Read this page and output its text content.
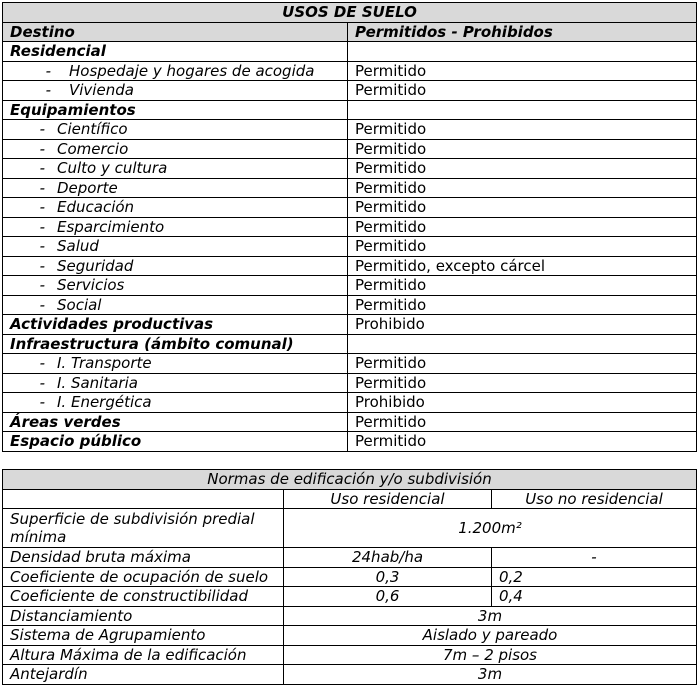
USOS DE SUELO	
Destino	Permitidos - Prohibidos
Residencial	
- Hospedaje y hogares de acogida	Permitido
- Vivienda	Permitido
Equipamientos	
- Científico	Permitido
- Comercio	Permitido
- Culto y cultura	Permitido
- Deporte	Permitido
- Educación	Permitido
- Esparcimiento	Permitido
- Salud	Permitido
- Seguridad	Permitido, excepto cárcel
- Servicios	Permitido
- Social	Permitido
Actividades productivas	Prohibido
Infraestructura (ámbito comunal)	
- I. Transporte	Permitido
- I. Sanitaria	Permitido
- I. Energética	Prohibido
Áreas verdes	Permitido
Espacio público	Permitido
Normas de edificación y/o subdivisión		
	Uso residencial	Uso no residencial
Superficie de subdivisión predial mínima	1.200m²	
Densidad bruta máxima	24hab/ha	-
Coeficiente de ocupación de suelo	0,3	0,2
Coeficiente de constructibilidad	0,6	0,4
Distanciamiento	3m	
Sistema de Agrupamiento	Aislado y pareado	
Altura Máxima de la edificación	7m – 2 pisos	
Antejardín	3m	
